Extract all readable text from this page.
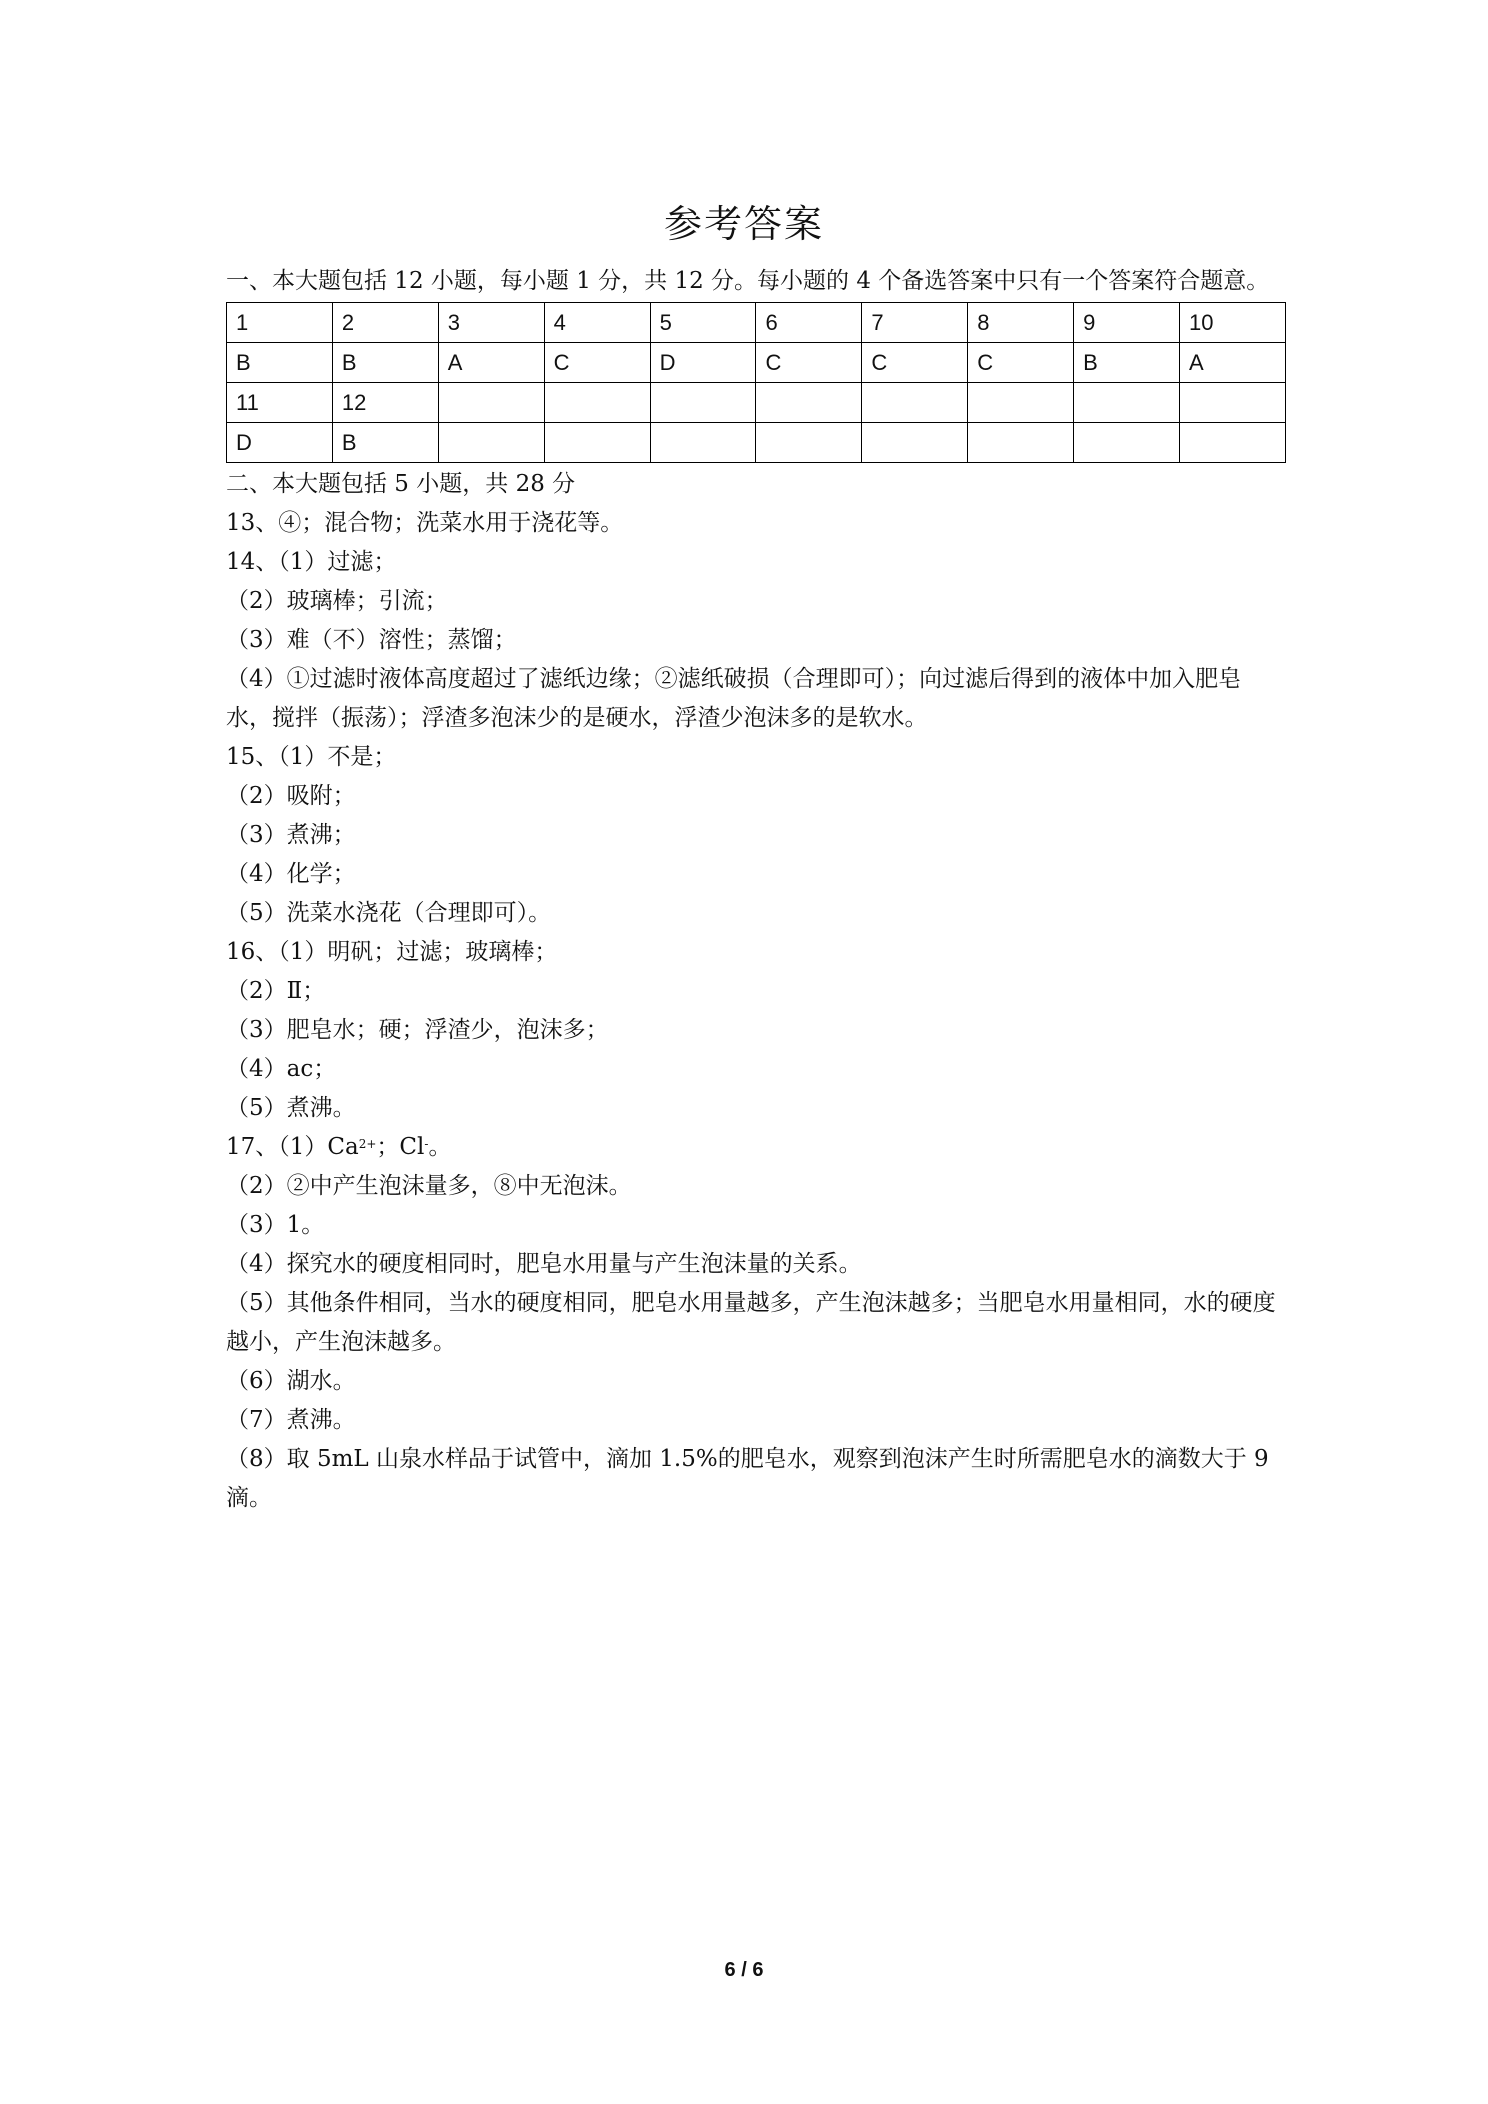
参考答案

一、本大题包括 12 小题，每小题 1 分，共 12 分。每小题的 4 个备选答案中只有一个答案符合题意。

1	2	3	4	5	6	7	8	9	10
B	B	A	C	D	C	C	C	B	A
11	12								
D	B								

二、本大题包括 5 小题，共 28 分

13、④；混合物；洗菜水用于浇花等。

14、（1）过滤；

（2）玻璃棒；引流；

（3）难（不）溶性；蒸馏；

（4）①过滤时液体高度超过了滤纸边缘；②滤纸破损（合理即可）；向过滤后得到的液体中加入肥皂水，搅拌（振荡）；浮渣多泡沫少的是硬水，浮渣少泡沫多的是软水。

15、（1）不是；

（2）吸附；

（3）煮沸；

（4）化学；

（5）洗菜水浇花（合理即可）。

16、（1）明矾；过滤；玻璃棒；

（2）Ⅱ；

（3）肥皂水；硬；浮渣少，泡沫多；

（4）ac；

（5）煮沸。

17、$(1)Ca^{2+}$；Cl-。

（2）②中产生泡沫量多，⑧中无泡沫。

（3）1。

（4）探究水的硬度相同时，肥皂水用量与产生泡沫量的关系。

（5）其他条件相同，当水的硬度相同，肥皂水用量越多，产生泡沫越多；当肥皂水用量相同，水的硬度越小，产生泡沫越多。

（6）湖水。

（7）煮沸。

（8）取 5mL 山泉水样品于试管中，滴加 1.5%的肥皂水，观察到泡沫产生时所需肥皂水的滴数大于 9 滴。

6 / 6
